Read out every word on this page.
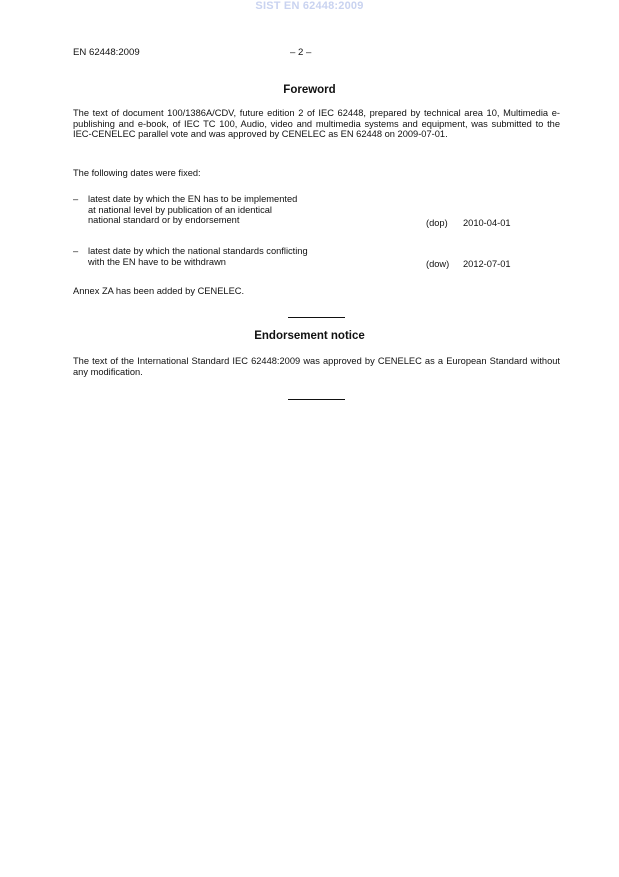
SIST EN 62448:2009
EN 62448:2009	– 2 –
Foreword
The text of document 100/1386A/CDV, future edition 2 of IEC 62448, prepared by technical area 10, Multimedia e-publishing and e-book, of IEC TC 100, Audio, video and multimedia systems and equipment, was submitted to the IEC-CENELEC parallel vote and was approved by CENELEC as EN 62448 on 2009-07-01.
The following dates were fixed:
– latest date by which the EN has to be implemented
at national level by publication of an identical
national standard or by endorsement	(dop) 2010-04-01
– latest date by which the national standards conflicting
with the EN have to be withdrawn	(dow) 2012-07-01
Annex ZA has been added by CENELEC.
Endorsement notice
The text of the International Standard IEC 62448:2009 was approved by CENELEC as a European Standard without any modification.
